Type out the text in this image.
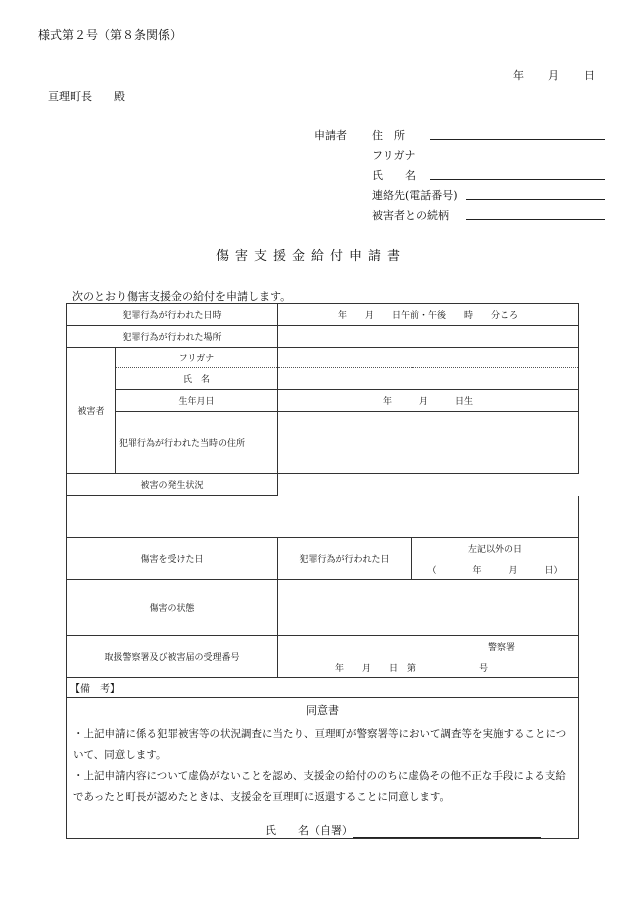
様式第２号（第８条関係）
年 月 日
亘理町長　　殿
申請者 住　所
フリガナ
氏　　名
連絡先(電話番号)
被害者との続柄
傷害支援金給付申請書
次のとおり傷害支援金の給付を申請します。
犯罪行為が行われた日時		年　　月　　日午前・午後　　時　　分ころ	
犯罪行為が行われた場所			
被害者	フリガナ		
	氏　名		
	生年月日	年　　　月　　　日生	
	犯罪行為が行われた当時の住所		
被害の発生状況			

傷害を受けた日		犯罪行為が行われた日	左記以外の日
（　　　　年　　　月　　　日）

傷害の状態			
取扱警察署及び被害届の受理番号		警察署
年　　月　　日　第　　　　　　　号	

【備　考】			

同意書

・上記申請に係る犯罪被害等の状況調査に当たり、亘理町が警察署等において調査等を実施することについて、同意します。

・上記申請内容について虚偽がないことを認め、支援金の給付ののちに虚偽その他不正な手段による支給であったと町長が認めたときは、支援金を亘理町に返還することに同意します。

氏　　名（自署）			
